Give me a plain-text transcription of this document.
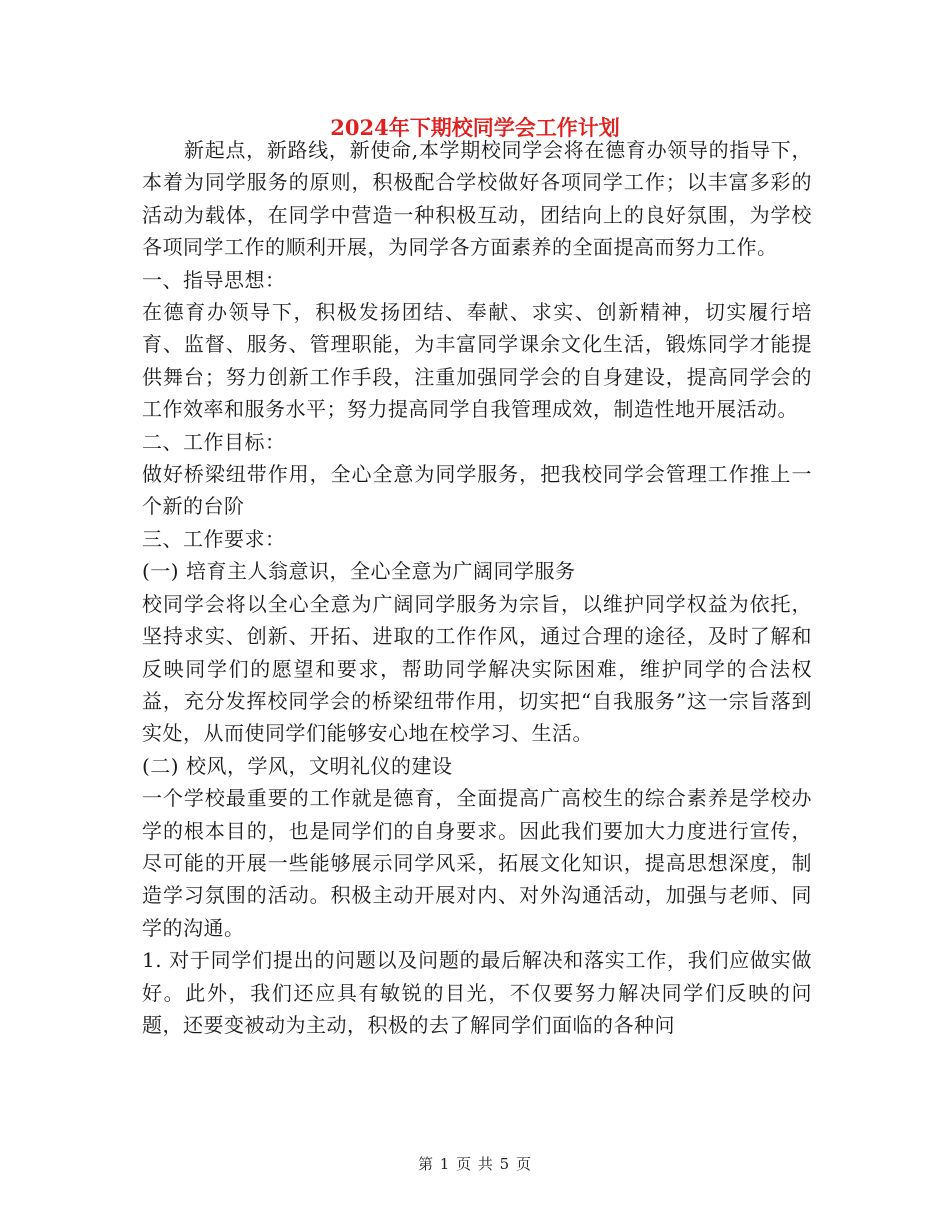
2024年下期校同学会工作计划

新起点，新路线，新使命,本学期校同学会将在德育办领导的指导下，本着为同学服务的原则，积极配合学校做好各项同学工作；以丰富多彩的活动为载体，在同学中营造一种积极互动，团结向上的良好氛围，为学校各项同学工作的顺利开展，为同学各方面素养的全面提高而努力工作。

一、指导思想：

在德育办领导下，积极发扬团结、奉献、求实、创新精神，切实履行培育、监督、服务、管理职能，为丰富同学课余文化生活，锻炼同学才能提供舞台；努力创新工作手段，注重加强同学会的自身建设，提高同学会的工作效率和服务水平；努力提高同学自我管理成效，制造性地开展活动。

二、工作目标：

做好桥梁纽带作用，全心全意为同学服务，把我校同学会管理工作推上一个新的台阶

三、工作要求：

(一) 培育主人翁意识，全心全意为广阔同学服务

校同学会将以全心全意为广阔同学服务为宗旨，以维护同学权益为依托，坚持求实、创新、开拓、进取的工作作风，通过合理的途径，及时了解和反映同学们的愿望和要求，帮助同学解决实际困难，维护同学的合法权益，充分发挥校同学会的桥梁纽带作用，切实把“自我服务”这一宗旨落到实处，从而使同学们能够安心地在校学习、生活。

(二) 校风，学风，文明礼仪的建设

一个学校最重要的工作就是德育，全面提高广高校生的综合素养是学校办学的根本目的，也是同学们的自身要求。因此我们要加大力度进行宣传，尽可能的开展一些能够展示同学风采，拓展文化知识，提高思想深度，制造学习氛围的活动。积极主动开展对内、对外沟通活动，加强与老师、同学的沟通。

1. 对于同学们提出的问题以及问题的最后解决和落实工作，我们应做实做好。此外，我们还应具有敏锐的目光，不仅要努力解决同学们反映的问题，还要变被动为主动，积极的去了解同学们面临的各种问

第 1 页 共 5 页
